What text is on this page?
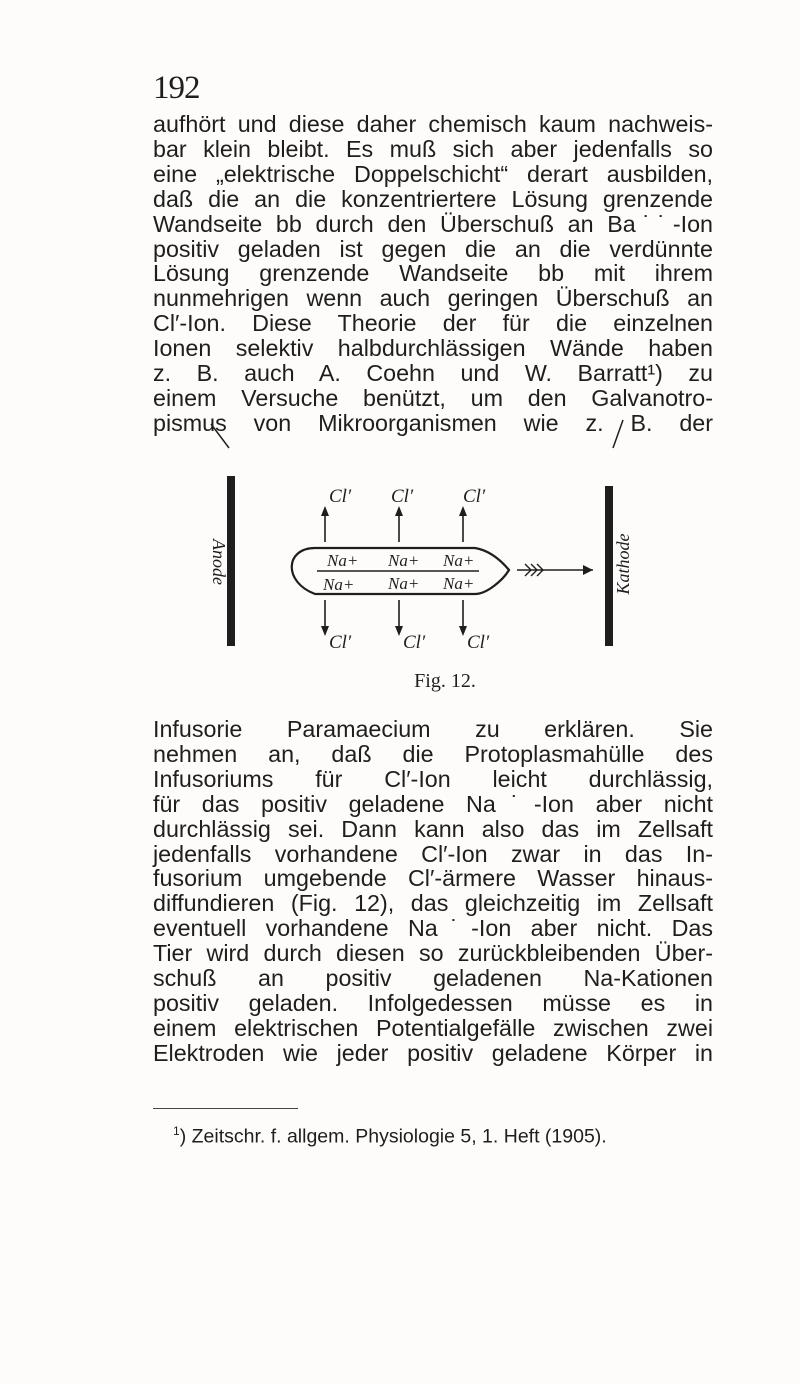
192
aufhört und diese daher chemisch kaum nachweis-
bar klein bleibt. Es muß sich aber jedenfalls so
eine „elektrische Doppelschicht“ derart ausbilden,
daß die an die konzentriertere Lösung grenzende
Wandseite bb durch den Überschuß an Ba˙˙-Ion
positiv geladen ist gegen die an die verdünnte
Lösung grenzende Wandseite bb mit ihrem
nunmehrigen wenn auch geringen Überschuß an
Cl′-Ion. Diese Theorie der für die einzelnen
Ionen selektiv halbdurchlässigen Wände haben
z. B. auch A. Coehn und W. Barratt¹) zu
einem Versuche benützt, um den Galvanotro-
pismus von Mikroorganismen wie z. B. der
Anode	Kathode
Cl′ Cl′	Cl′
Na+ Na+ Na+
Na+ Na+ Na+
Cl′	Cl′ Cl′
Fig. 12.
Infusorie Paramaecium zu erklären. Sie
nehmen an, daß die Protoplasmahülle des
Infusoriums für Cl′-Ion leicht durchlässig,
für das positiv geladene Na˙-Ion aber nicht
durchlässig sei. Dann kann also das im Zellsaft
jedenfalls vorhandene Cl′-Ion zwar in das In-
fusorium umgebende Cl′-ärmere Wasser hinaus-
diffundieren (Fig. 12), das gleichzeitig im Zellsaft
eventuell vorhandene Na˙-Ion aber nicht. Das
Tier wird durch diesen so zurückbleibenden Über-
schuß an positiv geladenen Na-Kationen
positiv geladen. Infolgedessen müsse es in
einem elektrischen Potentialgefälle zwischen zwei
Elektroden wie jeder positiv geladene Körper in
$^1$) Zeitschr. f. allgem. Physiologie 5, 1. Heft (1905).
